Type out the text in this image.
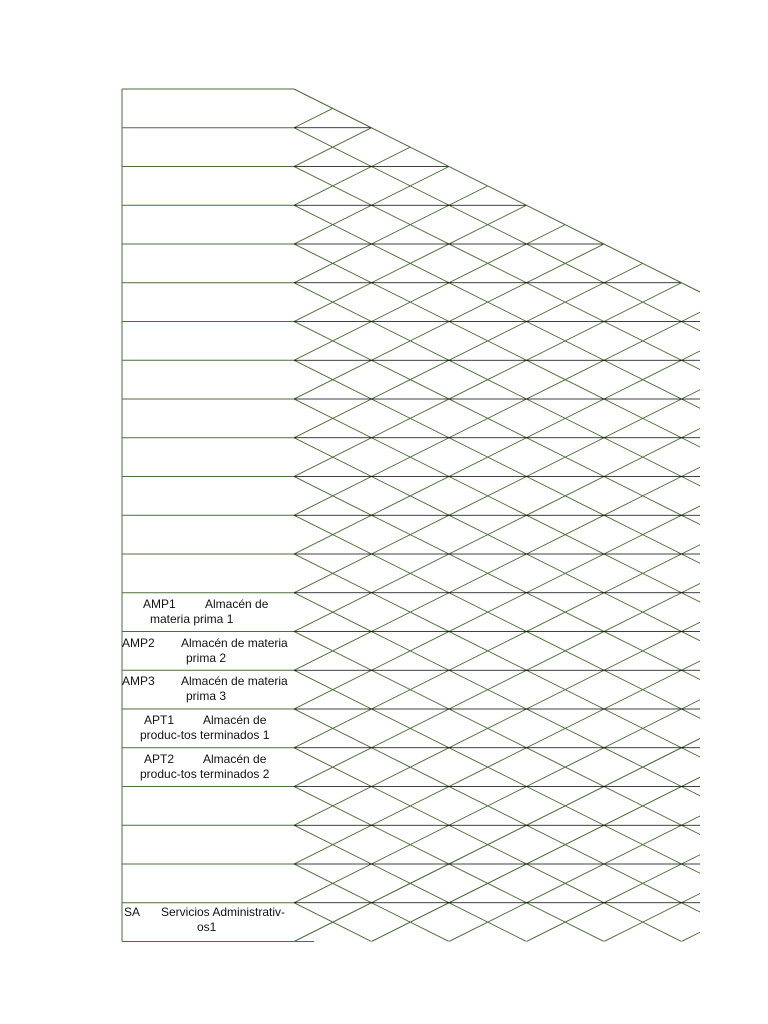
AMP1 Almacén de
materia prima 1
AMP2 Almacén de materia
prima 2
AMP3 Almacén de materia
prima 3
APT1 Almacén de
produc-tos terminados 1
APT2 Almacén de
produc-tos terminados 2
SA Servicios Administrativ-
os1
